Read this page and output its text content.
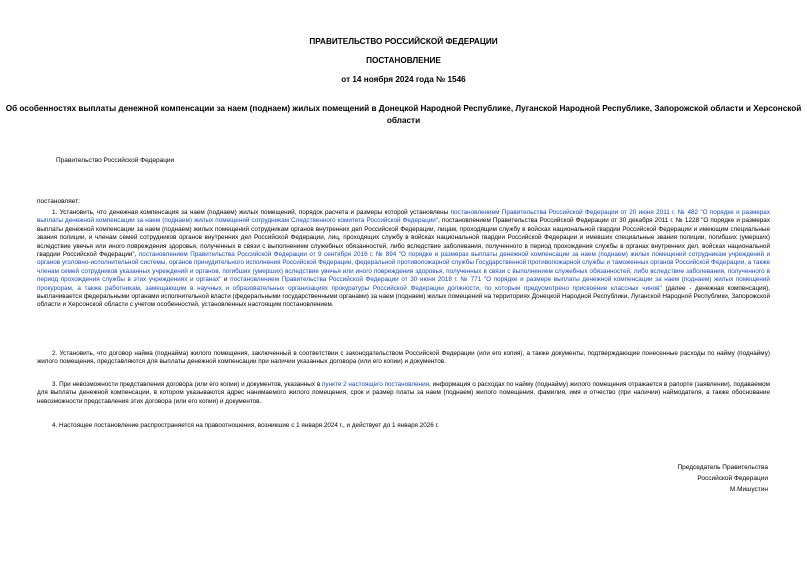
ПРАВИТЕЛЬСТВО РОССИЙСКОЙ ФЕДЕРАЦИИ
ПОСТАНОВЛЕНИЕ
от 14 ноября 2024 года № 1546
Об особенностях выплаты денежной компенсации за наем (поднаем) жилых помещений в Донецкой Народной Республике, Луганской Народной Республике, Запорожской области и Херсонской области
Правительство Российской Федерации
постановляет:
1. Установить, что денежная компенсация за наем (поднаем) жилых помещений, порядок расчета и размеры которой установлены постановлением Правительства Российской Федерации от 20 июня 2011 г. № 482 "О порядке и размерах выплаты денежной компенсации за наем (поднаем) жилых помещений сотрудникам Следственного комитета Российской Федерации", постановлением Правительства Российской Федерации от 30 декабря 2011 г. № 1228 "О порядке и размерах выплаты денежной компенсации за наем (поднаем) жилых помещений сотрудникам органов внутренних дел Российской Федерации, лицам, проходящим службу в войсках национальной гвардии Российской Федерации и имеющим специальные звания полиции, и членам семей сотрудников органов внутренних дел Российской Федерации, лиц, проходящих службу в войсках национальной гвардии Российской Федерации и имевших специальные звания полиции, погибших (умерших) вследствие увечья или иного повреждения здоровья, полученных в связи с выполнением служебных обязанностей, либо вследствие заболевания, полученного в период прохождения службы в органах внутренних дел, войсках национальной гвардии Российской Федерации", постановлением Правительства Российской Федерации от 9 сентября 2016 г. № 894 "О порядке и размерах выплаты денежной компенсации за наем (поднаем) жилых помещений сотрудникам учреждений и органов уголовно-исполнительной системы, органов принудительного исполнения Российской Федерации, федеральной противопожарной службы Государственной противопожарной службы и таможенных органов Российской Федерации, а также членам семей сотрудников указанных учреждений и органов, погибших (умерших) вследствие увечья или иного повреждения здоровья, полученных в связи с выполнением служебных обязанностей, либо вследствие заболевания, полученного в период прохождения службы в этих учреждениях и органах" и постановлением Правительства Российской Федерации от 30 июня 2018 г. № 771 "О порядке и размере выплаты денежной компенсации за наем (поднаем) жилых помещений прокурорам, а также работникам, замещающим в научных и образовательных организациях прокуратуры Российской Федерации должности, по которым предусмотрено присвоение классных чинов" (далее - денежная компенсация), выплачивается федеральными органами исполнительной власти (федеральными государственными органами) за наем (поднаем) жилых помещений на территориях Донецкой Народной Республики, Луганской Народной Республики, Запорожской области и Херсонской области с учетом особенностей, установленных настоящим постановлением.
2. Установить, что договор найма (поднайма) жилого помещения, заключенный в соответствии с законодательством Российской Федерации (или его копия), а также документы, подтверждающие понесенные расходы по найму (поднайму) жилого помещения, представляются для выплаты денежной компенсации при наличии указанных договора (или его копии) и документов.
3. При невозможности представления договора (или его копии) и документов, указанных в пункте 2 настоящего постановления, информация о расходах по найму (поднайму) жилого помещения отражается в рапорте (заявлении), подаваемом для выплаты денежной компенсации, в котором указываются адрес нанимаемого жилого помещения, срок и размер платы за наем (поднаем) жилого помещения, фамилия, имя и отчество (при наличии) наймодателя, а также обоснование невозможности представления этих договора (или его копии) и документов.
4. Настоящее постановление распространяется на правоотношения, возникшие с 1 января 2024 г., и действует до 1 января 2026 г.
Председатель Правительства
Российской Федерации
М.Мишустин
